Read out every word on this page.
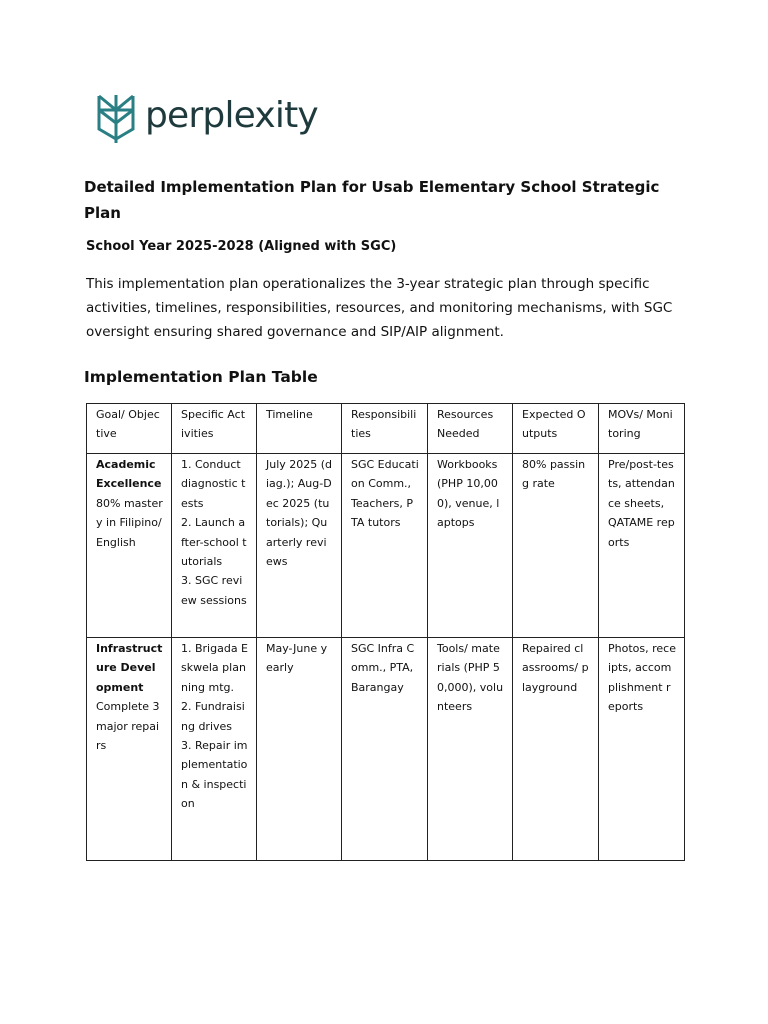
perplexity
Detailed Implementation Plan for Usab Elementary School Strategic Plan
School Year 2025-2028 (Aligned with SGC)

This implementation plan operationalizes the 3-year strategic plan through specific activities, timelines, responsibilities, resources, and monitoring mechanisms, with SGC oversight ensuring shared governance and SIP/AIP alignment.

Implementation Plan Table
Goal/ Objective	Specific Activities	Timeline	Responsibilities	Resources Needed	Expected Outputs	MOVs/ Monitoring

Academic Excellence
80% mastery in Filipino/English	1. Conduct diagnostic tests
2. Launch after-school tutorials
3. SGC review sessions	July 2025 (diag.); Aug-Dec 2025 (tutorials); Quarterly reviews	SGC Education Comm., Teachers, PTA tutors	Workbooks (PHP 10,000), venue, laptops	80% passing rate	Pre/post-tests, attendance sheets, QATAME reports

Infrastructure Development
Complete 3 major repairs	1. Brigada Eskwela planning mtg.
2. Fundraising drives
3. Repair implementation & inspection	May-June yearly	SGC Infra Comm., PTA, Barangay	Tools/ materials (PHP 50,000), volunteers	Repaired classrooms/ playground	Photos, receipts, accomplishment reports
